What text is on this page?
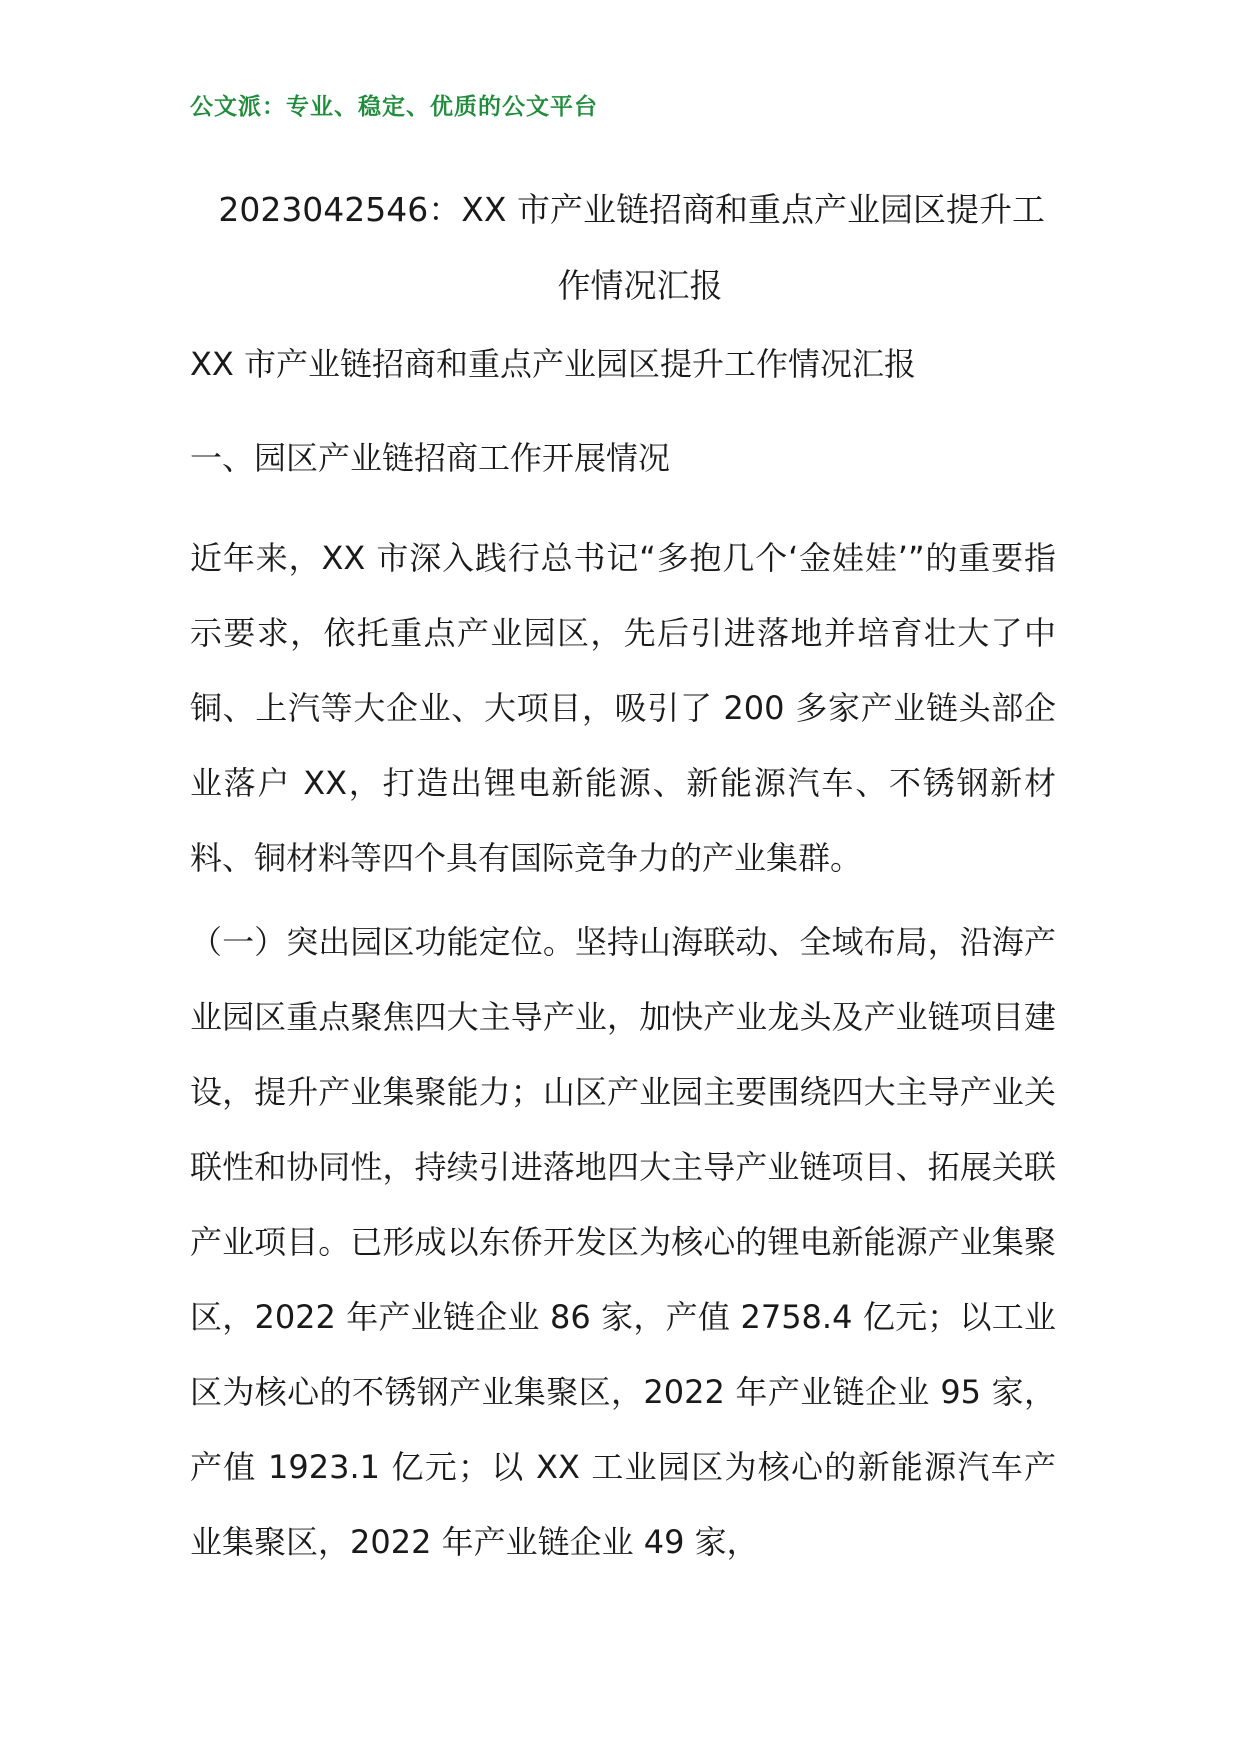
公文派：专业、稳定、优质的公文平台
2023042546：XX 市产业链招商和重点产业园区提升工
作情况汇报
XX 市产业链招商和重点产业园区提升工作情况汇报
一、园区产业链招商工作开展情况
近年来，XX 市深入践行总书记“多抱几个‘金娃娃’”的重要指示要求，依托重点产业园区，先后引进落地并培育壮大了中铜、上汽等大企业、大项目，吸引了 200 多家产业链头部企业落户 XX，打造出锂电新能源、新能源汽车、不锈钢新材料、铜材料等四个具有国际竞争力的产业集群。
（一）突出园区功能定位。坚持山海联动、全域布局，沿海产业园区重点聚焦四大主导产业，加快产业龙头及产业链项目建设，提升产业集聚能力；山区产业园主要围绕四大主导产业关联性和协同性，持续引进落地四大主导产业链项目、拓展关联产业项目。已形成以东侨开发区为核心的锂电新能源产业集聚区，2022 年产业链企业 86 家，产值 2758.4 亿元；以工业区为核心的不锈钢产业集聚区，2022 年产业链企业 95 家，产值 1923.1 亿元；以 XX 工业园区为核心的新能源汽车产业集聚区，2022 年产业链企业 49 家，
